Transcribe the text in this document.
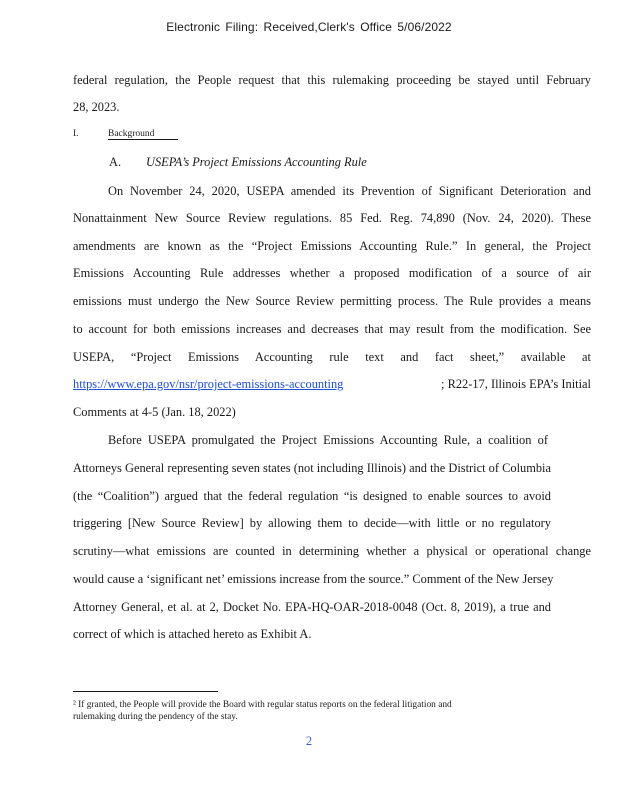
Electronic Filing: Received,Clerk's Office 5/06/2022
federal regulation, the People request that this rulemaking proceeding be stayed until February
28, 2023.
I.	Background
A. USEPA’s Project Emissions Accounting Rule
On November 24, 2020, USEPA amended its Prevention of Significant Deterioration and
Nonattainment New Source Review regulations. 85 Fed. Reg. 74,890 (Nov. 24, 2020). These
amendments are known as the “Project Emissions Accounting Rule.” In general, the Project
Emissions Accounting Rule addresses whether a proposed modification of a source of air
emissions must undergo the New Source Review permitting process. The Rule provides a means
to account for both emissions increases and decreases that may result from the modification. See
USEPA, “Project Emissions Accounting rule text and fact sheet,” available at
https://www.epa.gov/nsr/project-emissions-accounting	; R22-17, Illinois EPA’s Initial
Comments at 4-5 (Jan. 18, 2022)
Before USEPA promulgated the Project Emissions Accounting Rule, a coalition of
Attorneys General representing seven states (not including Illinois) and the District of Columbia
(the “Coalition”) argued that the federal regulation “is designed to enable sources to avoid
triggering [New Source Review] by allowing them to decide—with little or no regulatory
scrutiny—what emissions are counted in determining whether a physical or operational change
would cause a ‘significant net’ emissions increase from the source.” Comment of the New Jersey
Attorney General, et al. at 2, Docket No. EPA-HQ-OAR-2018-0048 (Oct. 8, 2019), a true and
correct of which is attached hereto as Exhibit A.
² If granted, the People will provide the Board with regular status reports on the federal litigation and
rulemaking during the pendency of the stay.
2
